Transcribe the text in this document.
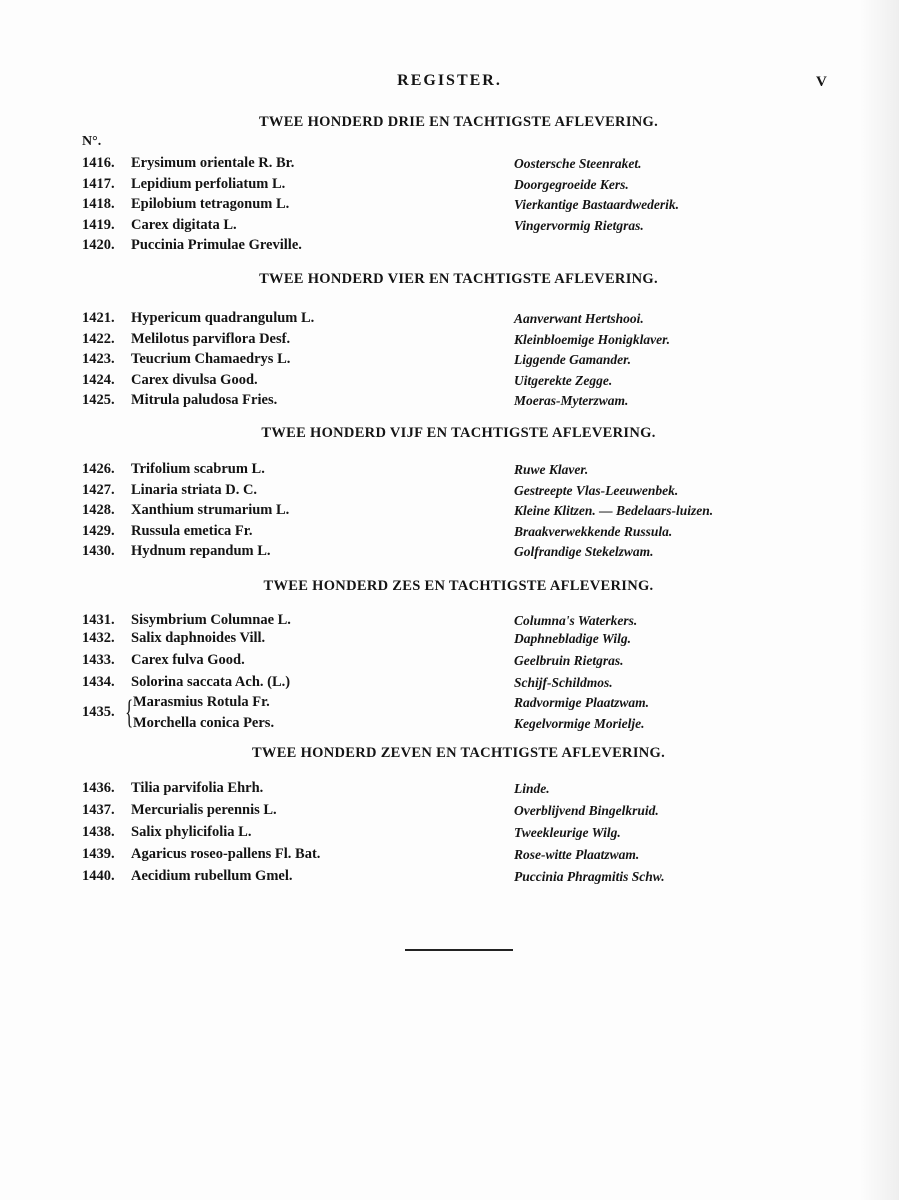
REGISTER.	V
TWEE HONDERD DRIE EN TACHTIGSTE AFLEVERING.
N°.
1416. Erysimum orientale R. Br.	Oostersche Steenraket.
1417. Lepidium perfoliatum L.	Doorgegroeide Kers.
1418. Epilobium tetragonum L.	Vierkantige Bastaardwederik.
1419. Carex digitata L.	Vingervormig Rietgras.
1420. Puccinia Primulae Greville.
TWEE HONDERD VIER EN TACHTIGSTE AFLEVERING.
1421. Hypericum quadrangulum L.	Aanverwant Hertshooi.
1422. Melilotus parviflora Desf.	Kleinbloemige Honigklaver.
1423. Teucrium Chamaedrys L.	Liggende Gamander.
1424. Carex divulsa Good.	Uitgerekte Zegge.
1425. Mitrula paludosa Fries.	Moeras-Myterzwam.
TWEE HONDERD VIJF EN TACHTIGSTE AFLEVERING.
1426. Trifolium scabrum L.	Ruwe Klaver.
1427. Linaria striata D. C.	Gestreepte Vlas-Leeuwenbek.
1428. Xanthium strumarium L.	Kleine Klitzen. — Bedelaars-luizen.
1429. Russula emetica Fr.	Braakverwekkende Russula.
1430. Hydnum repandum L.	Golfrandige Stekelzwam.
TWEE HONDERD ZES EN TACHTIGSTE AFLEVERING.
1431. Sisymbrium Columnae L.	Columna's Waterkers.
1432. Salix daphnoides Vill.	Daphnebladige Wilg.
1433. Carex fulva Good.	Geelbruin Rietgras.
1434. Solorina saccata Ach. (L.)	Schijf-Schildmos.
1435. { Marasmius Rotula Fr.	Radvormige Plaatzwam.
Morchella conica Pers.	Kegelvormige Morielje.
TWEE HONDERD ZEVEN EN TACHTIGSTE AFLEVERING.
1436. Tilia parvifolia Ehrh.	Linde.
1437. Mercurialis perennis L.	Overblijvend Bingelkruid.
1438. Salix phylicifolia L.	Tweekleurige Wilg.
1439. Agaricus roseo-pallens Fl. Bat.	Rose-witte Plaatzwam.
1440. Aecidium rubellum Gmel.	Puccinia Phragmitis Schw.
